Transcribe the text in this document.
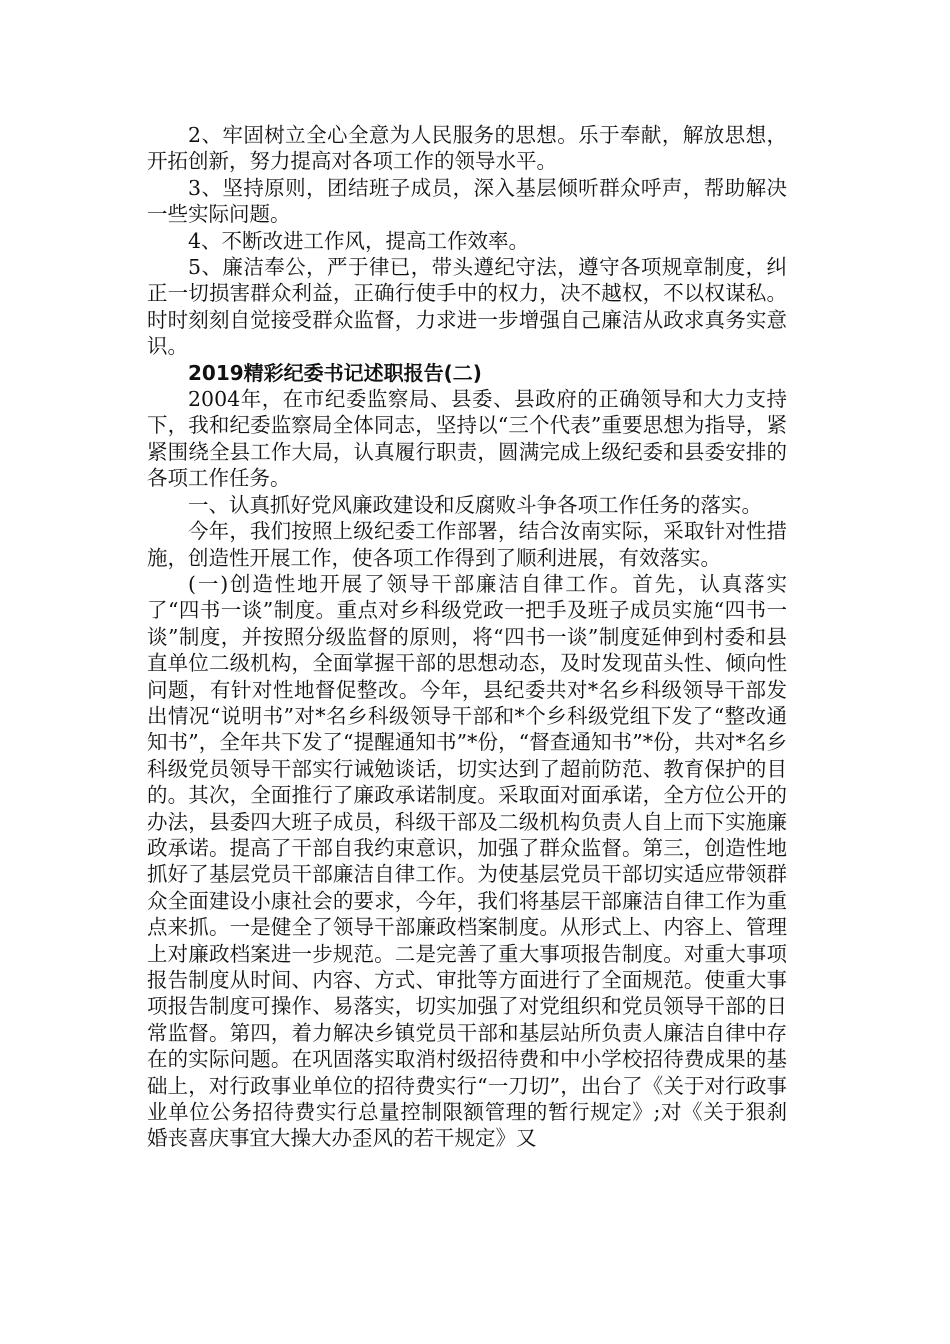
2、牢固树立全心全意为人民服务的思想。乐于奉献，解放思想，开拓创新，努力提高对各项工作的领导水平。

3、坚持原则，团结班子成员，深入基层倾听群众呼声，帮助解决一些实际问题。

4、不断改进工作风，提高工作效率。

5、廉洁奉公，严于律已，带头遵纪守法，遵守各项规章制度，纠正一切损害群众利益，正确行使手中的权力，决不越权，不以权谋私。时时刻刻自觉接受群众监督，力求进一步增强自己廉洁从政求真务实意识。

2019精彩纪委书记述职报告(二)

2004年，在市纪委监察局、县委、县政府的正确领导和大力支持下，我和纪委监察局全体同志，坚持以“三个代表”重要思想为指导，紧紧围绕全县工作大局，认真履行职责，圆满完成上级纪委和县委安排的各项工作任务。

一、认真抓好党风廉政建设和反腐败斗争各项工作任务的落实。

今年，我们按照上级纪委工作部署，结合汝南实际，采取针对性措施，创造性开展工作，使各项工作得到了顺利进展，有效落实。

(一)创造性地开展了领导干部廉洁自律工作。首先，认真落实了“四书一谈”制度。重点对乡科级党政一把手及班子成员实施“四书一谈”制度，并按照分级监督的原则，将“四书一谈”制度延伸到村委和县直单位二级机构，全面掌握干部的思想动态，及时发现苗头性、倾向性问题，有针对性地督促整改。今年，县纪委共对*名乡科级领导干部发出情况“说明书”对*名乡科级领导干部和*个乡科级党组下发了“整改通知书”，全年共下发了“提醒通知书”*份，“督查通知书”*份，共对*名乡科级党员领导干部实行诫勉谈话，切实达到了超前防范、教育保护的目的。其次，全面推行了廉政承诺制度。采取面对面承诺，全方位公开的办法，县委四大班子成员，科级干部及二级机构负责人自上而下实施廉政承诺。提高了干部自我约束意识，加强了群众监督。第三，创造性地抓好了基层党员干部廉洁自律工作。为使基层党员干部切实适应带领群众全面建设小康社会的要求，今年，我们将基层干部廉洁自律工作为重点来抓。一是健全了领导干部廉政档案制度。从形式上、内容上、管理上对廉政档案进一步规范。二是完善了重大事项报告制度。对重大事项报告制度从时间、内容、方式、审批等方面进行了全面规范。使重大事项报告制度可操作、易落实，切实加强了对党组织和党员领导干部的日常监督。第四，着力解决乡镇党员干部和基层站所负责人廉洁自律中存在的实际问题。在巩固落实取消村级招待费和中小学校招待费成果的基础上，对行政事业单位的招待费实行“一刀切”，出台了《关于对行政事业单位公务招待费实行总量控制限额管理的暂行规定》;对《关于狠刹婚丧喜庆事宜大操大办歪风的若干规定》又
